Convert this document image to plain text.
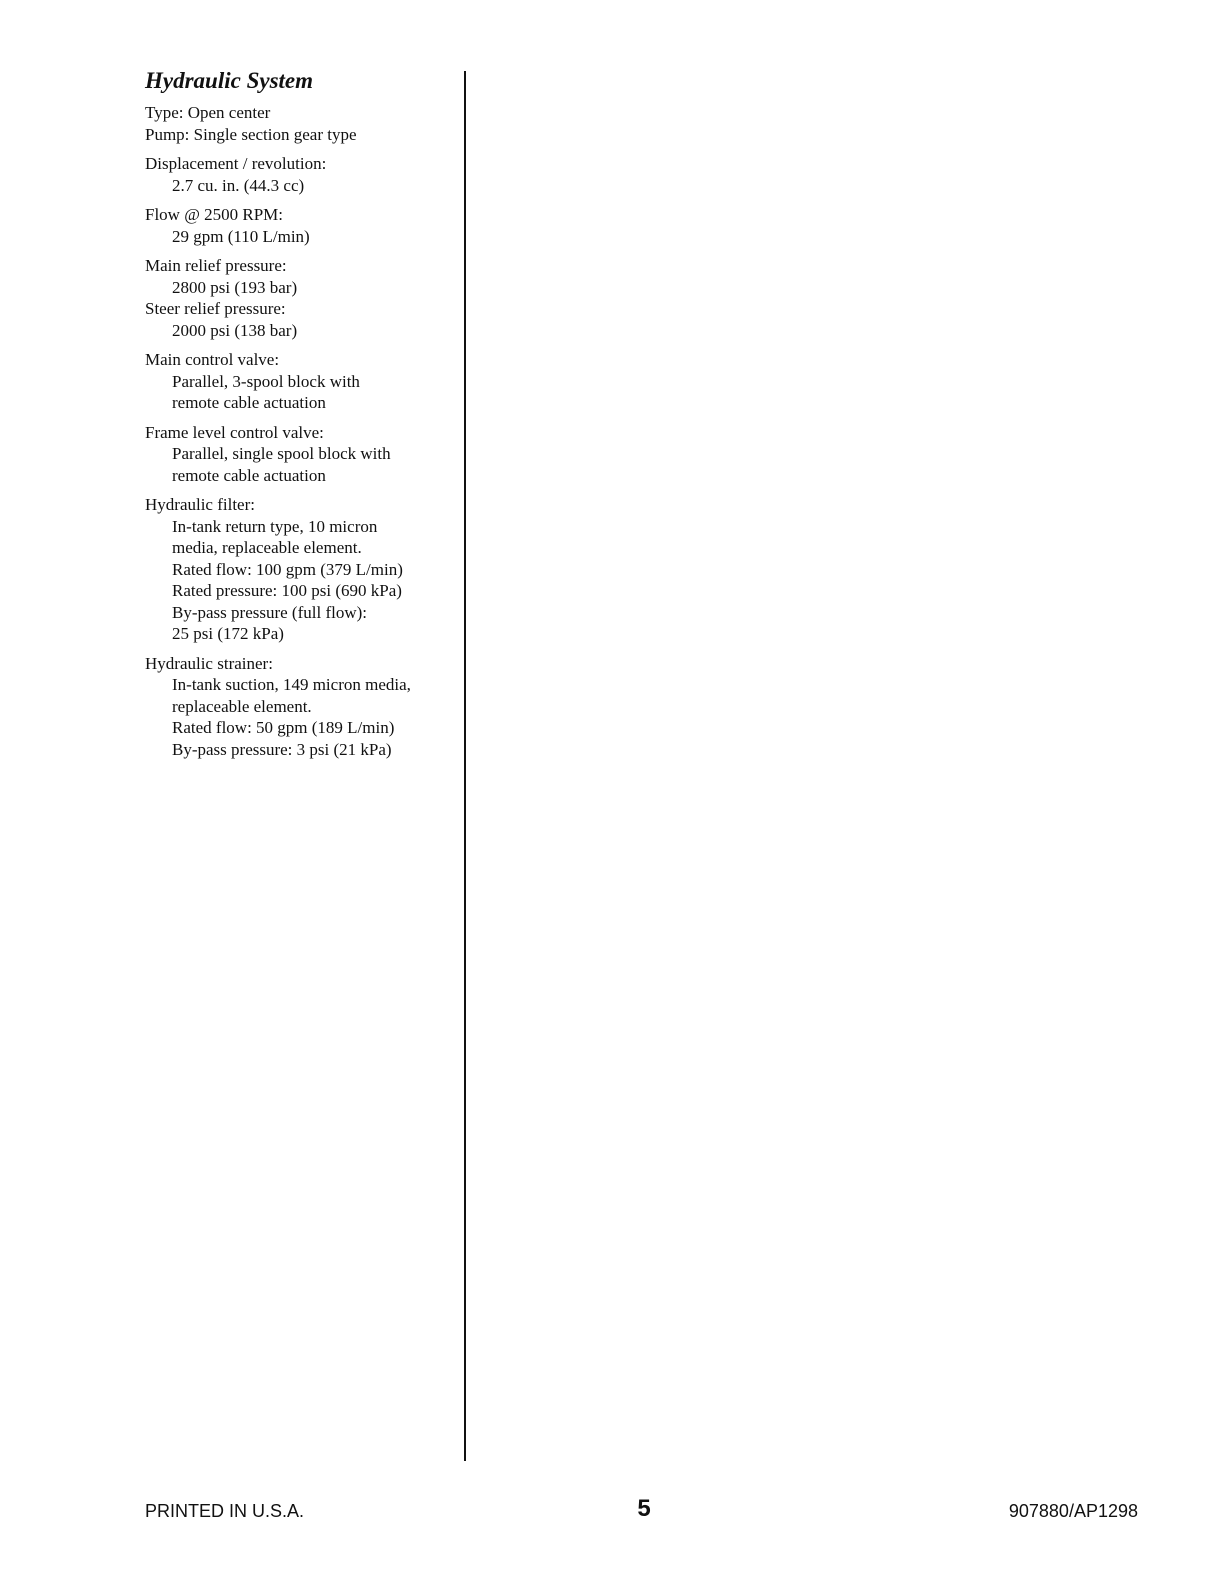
Hydraulic System
Type: Open center
Pump: Single section gear type
Displacement / revolution:
2.7 cu. in. (44.3 cc)
Flow @ 2500 RPM:
29 gpm (110 L/min)
Main relief pressure:
2800 psi (193 bar)
Steer relief pressure:
2000 psi (138 bar)
Main control valve:
Parallel, 3-spool block with
remote cable actuation
Frame level control valve:
Parallel, single spool block with
remote cable actuation
Hydraulic filter:
In-tank return type, 10 micron
media, replaceable element.
Rated flow: 100 gpm (379 L/min)
Rated pressure: 100 psi (690 kPa)
By-pass pressure (full flow):
25 psi (172 kPa)
Hydraulic strainer:
In-tank suction, 149 micron media,
replaceable element.
Rated flow: 50 gpm (189 L/min)
By-pass pressure: 3 psi (21 kPa)
PRINTED IN U.S.A.	5	907880/AP1298
